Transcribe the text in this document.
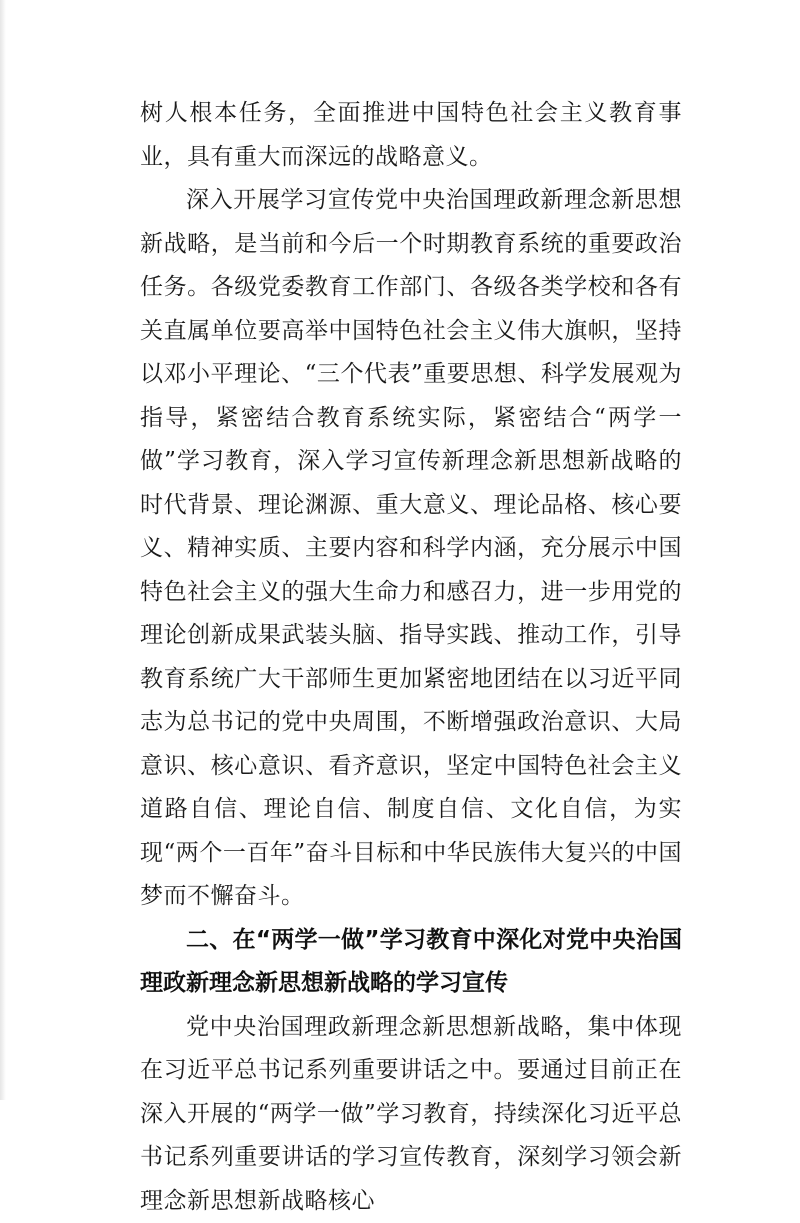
树人根本任务，全面推进中国特色社会主义教育事业，具有重大而深远的战略意义。

深入开展学习宣传党中央治国理政新理念新思想新战略，是当前和今后一个时期教育系统的重要政治任务。各级党委教育工作部门、各级各类学校和各有关直属单位要高举中国特色社会主义伟大旗帜，坚持以邓小平理论、“三个代表”重要思想、科学发展观为指导，紧密结合教育系统实际，紧密结合“两学一做”学习教育，深入学习宣传新理念新思想新战略的时代背景、理论渊源、重大意义、理论品格、核心要义、精神实质、主要内容和科学内涵，充分展示中国特色社会主义的强大生命力和感召力，进一步用党的理论创新成果武装头脑、指导实践、推动工作，引导教育系统广大干部师生更加紧密地团结在以习近平同志为总书记的党中央周围，不断增强政治意识、大局意识、核心意识、看齐意识，坚定中国特色社会主义道路自信、理论自信、制度自信、文化自信，为实现“两个一百年”奋斗目标和中华民族伟大复兴的中国梦而不懈奋斗。

二、在“两学一做”学习教育中深化对党中央治国理政新理念新思想新战略的学习宣传

党中央治国理政新理念新思想新战略，集中体现在习近平总书记系列重要讲话之中。要通过目前正在深入开展的“两学一做”学习教育，持续深化习近平总书记系列重要讲话的学习宣传教育，深刻学习领会新理念新思想新战略核心
